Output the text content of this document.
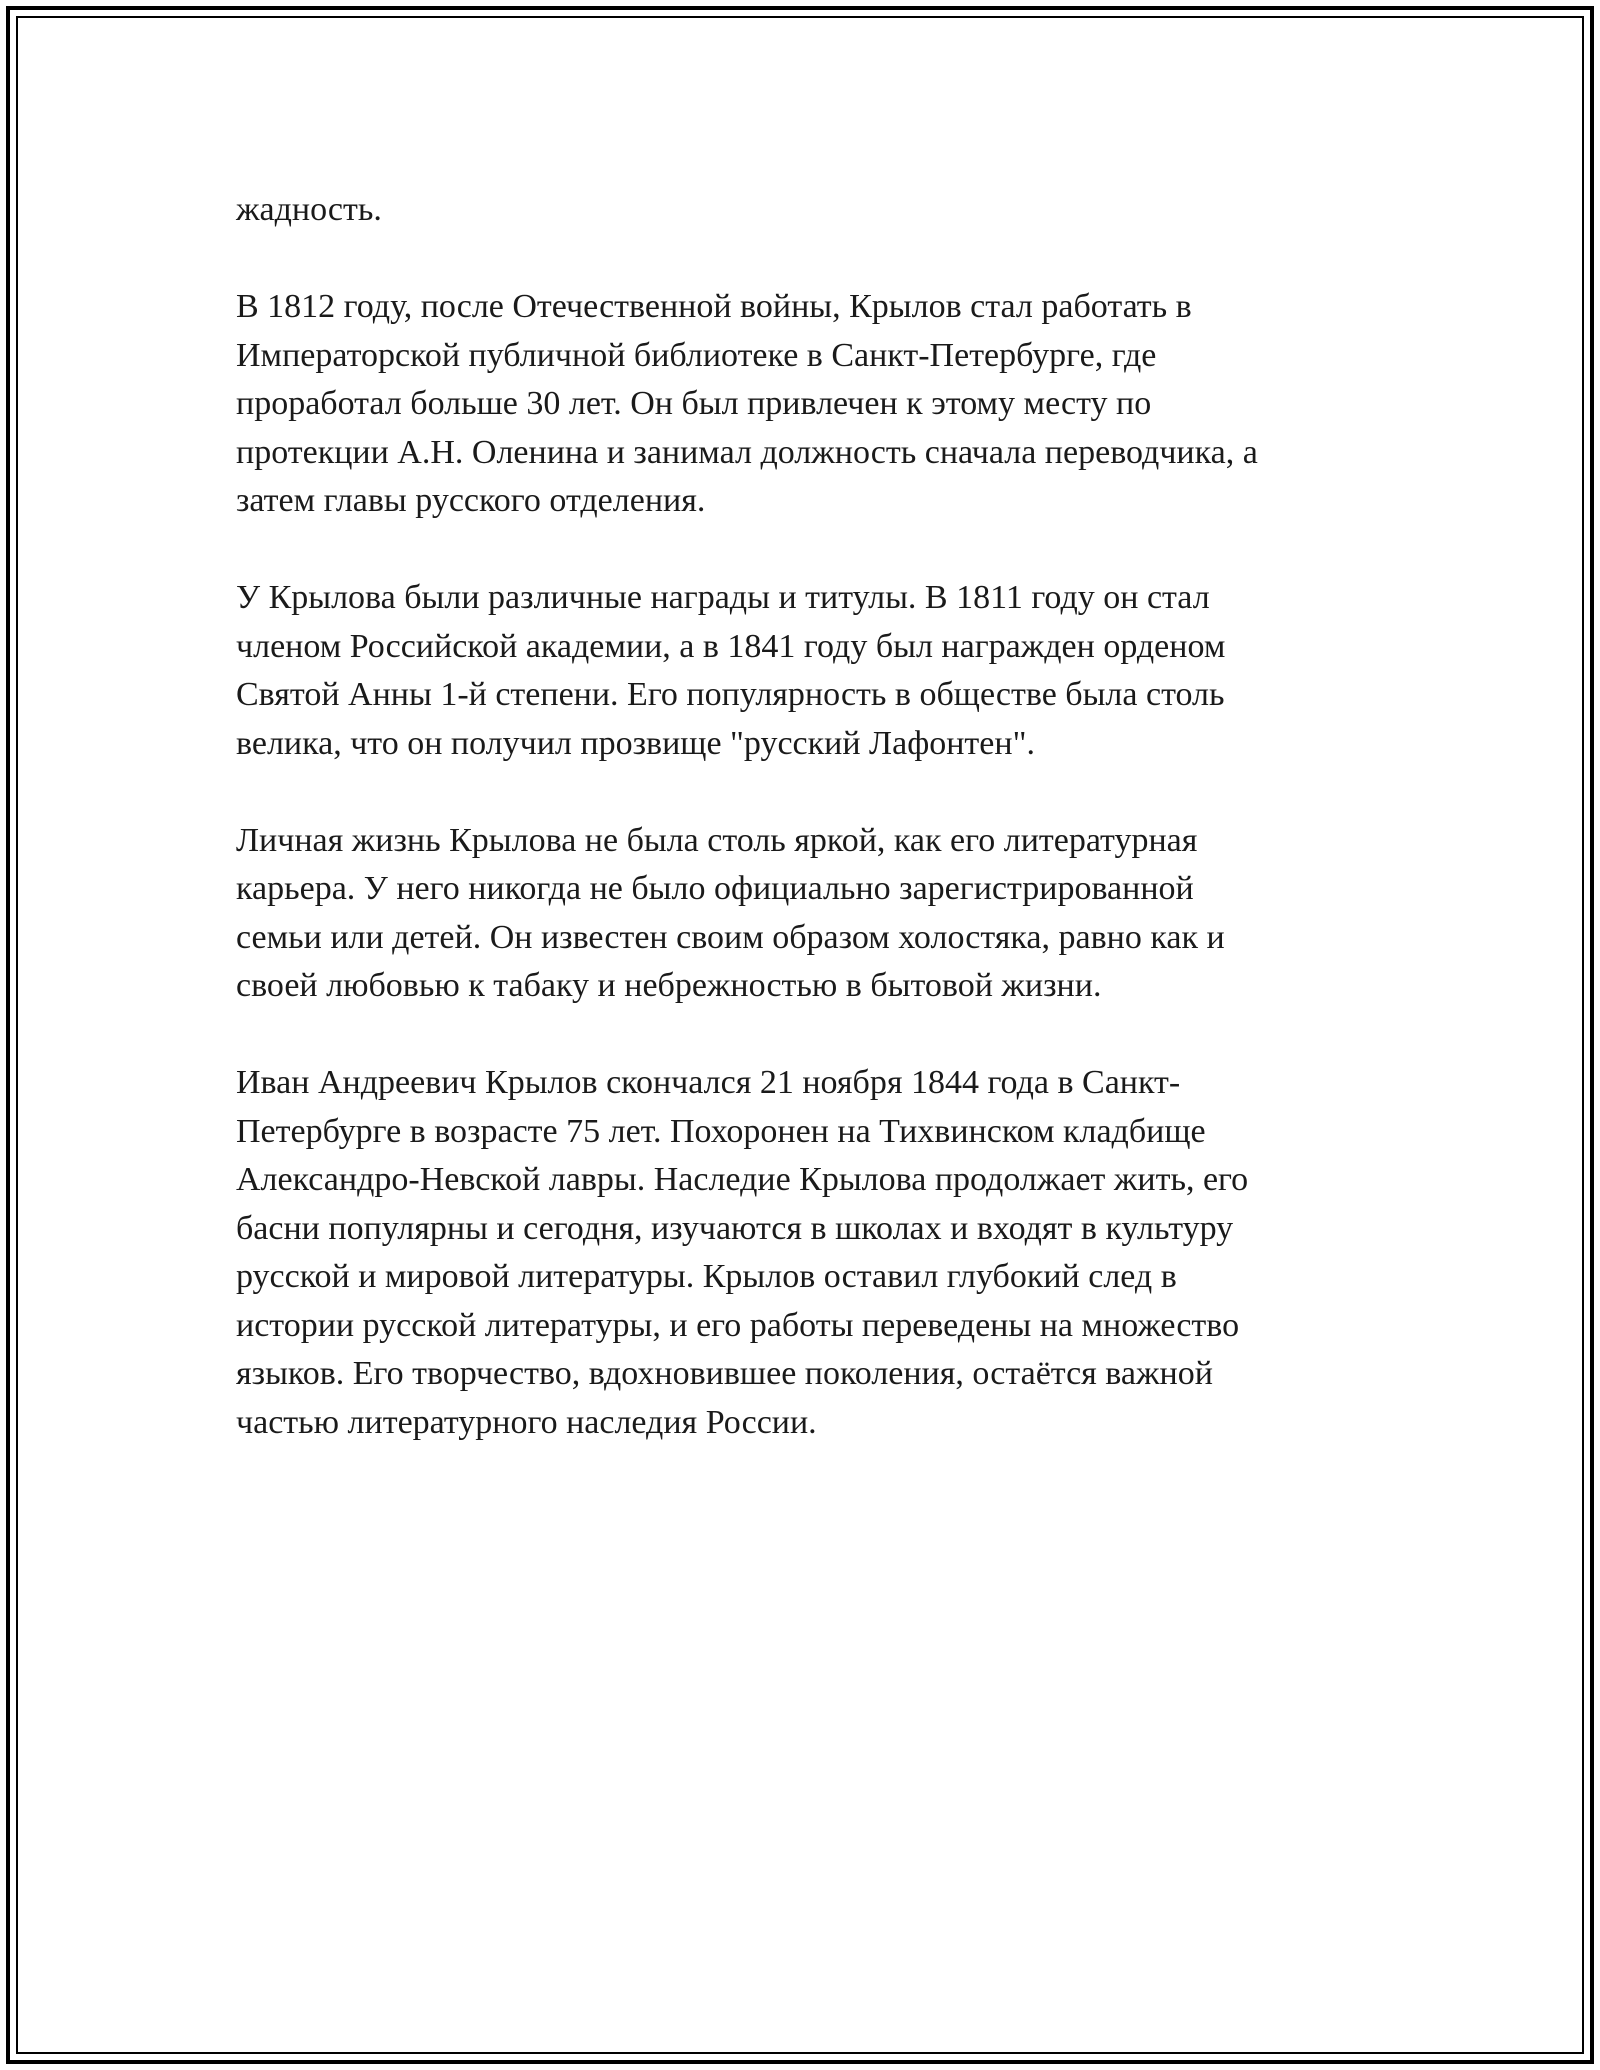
жадность.

В 1812 году, после Отечественной войны, Крылов стал работать в
Императорской публичной библиотеке в Санкт-Петербурге, где
проработал больше 30 лет. Он был привлечен к этому месту по
протекции А.Н. Оленина и занимал должность сначала переводчика, а
затем главы русского отделения.

У Крылова были различные награды и титулы. В 1811 году он стал
членом Российской академии, а в 1841 году был награжден орденом
Святой Анны 1-й степени. Его популярность в обществе была столь
велика, что он получил прозвище "русский Лафонтен".

Личная жизнь Крылова не была столь яркой, как его литературная
карьера. У него никогда не было официально зарегистрированной
семьи или детей. Он известен своим образом холостяка, равно как и
своей любовью к табаку и небрежностью в бытовой жизни.

Иван Андреевич Крылов скончался 21 ноября 1844 года в Санкт-
Петербурге в возрасте 75 лет. Похоронен на Тихвинском кладбище
Александро-Невской лавры. Наследие Крылова продолжает жить, его
басни популярны и сегодня, изучаются в школах и входят в культуру
русской и мировой литературы. Крылов оставил глубокий след в
истории русской литературы, и его работы переведены на множество
языков. Его творчество, вдохновившее поколения, остаётся важной
частью литературного наследия России.
